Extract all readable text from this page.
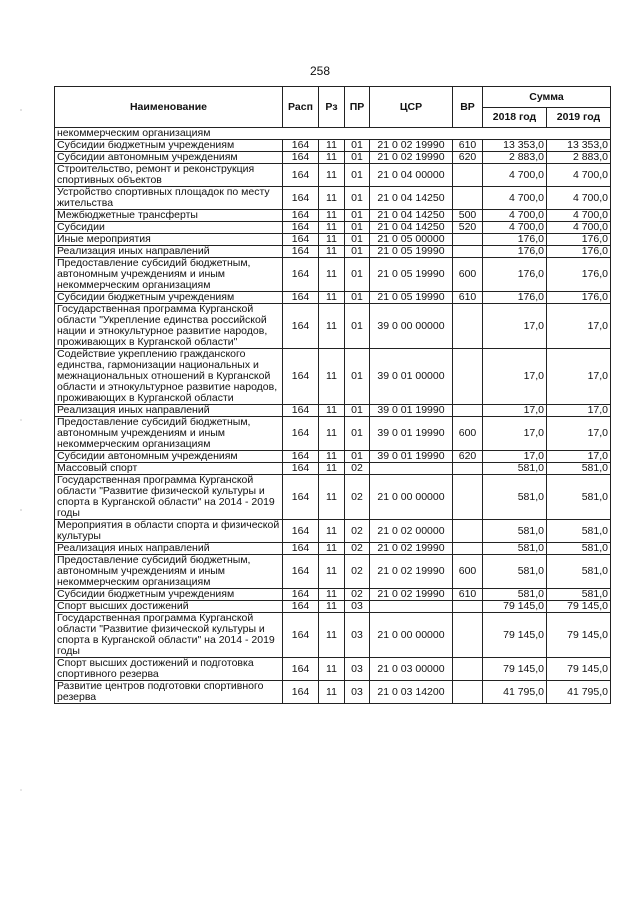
258
Наименование	Расп	Рз	ПР	ЦСР	ВР	Сумма	
						2018 год	2019 год
некоммерческим организациям							
Субсидии бюджетным учреждениям	164	11	01	21 0 02 19990	610	13 353,0	13 353,0
Субсидии автономным учреждениям	164	11	01	21 0 02 19990	620	2 883,0	2 883,0
Строительство, ремонт и реконструкция спортивных объектов	164	11	01	21 0 04 00000		4 700,0	4 700,0
Устройство спортивных площадок по месту жительства	164	11	01	21 0 04 14250		4 700,0	4 700,0
Межбюджетные трансферты	164	11	01	21 0 04 14250	500	4 700,0	4 700,0
Субсидии	164	11	01	21 0 04 14250	520	4 700,0	4 700,0
Иные мероприятия	164	11	01	21 0 05 00000		176,0	176,0
Реализация иных направлений	164	11	01	21 0 05 19990		176,0	176,0
Предоставление субсидий бюджетным, автономным учреждениям и иным некоммерческим организациям	164	11	01	21 0 05 19990	600	176,0	176,0
Субсидии бюджетным учреждениям	164	11	01	21 0 05 19990	610	176,0	176,0
Государственная программа Курганской области "Укрепление единства российской нации и этнокультурное развитие народов, проживающих в Курганской области"	164	11	01	39 0 00 00000		17,0	17,0
Содействие укреплению гражданского единства, гармонизации национальных и межнациональных отношений в Курганской области и этнокультурное развитие народов, проживающих в Курганской области	164	11	01	39 0 01 00000		17,0	17,0
Реализация иных направлений	164	11	01	39 0 01 19990		17,0	17,0
Предоставление субсидий бюджетным, автономным учреждениям и иным некоммерческим организациям	164	11	01	39 0 01 19990	600	17,0	17,0
Субсидии автономным учреждениям	164	11	01	39 0 01 19990	620	17,0	17,0
Массовый спорт	164	11	02			581,0	581,0
Государственная программа Курганской области "Развитие физической культуры и спорта в Курганской области" на 2014 - 2019 годы	164	11	02	21 0 00 00000		581,0	581,0
Мероприятия в области спорта и физической культуры	164	11	02	21 0 02 00000		581,0	581,0
Реализация иных направлений	164	11	02	21 0 02 19990		581,0	581,0
Предоставление субсидий бюджетным, автономным учреждениям и иным некоммерческим организациям	164	11	02	21 0 02 19990	600	581,0	581,0
Субсидии бюджетным учреждениям	164	11	02	21 0 02 19990	610	581,0	581,0
Спорт высших достижений	164	11	03			79 145,0	79 145,0
Государственная программа Курганской области "Развитие физической культуры и спорта в Курганской области" на 2014 - 2019 годы	164	11	03	21 0 00 00000		79 145,0	79 145,0
Спорт высших достижений и подготовка спортивного резерва	164	11	03	21 0 03 00000		79 145,0	79 145,0
Развитие центров подготовки спортивного резерва	164	11	03	21 0 03 14200		41 795,0	41 795,0
